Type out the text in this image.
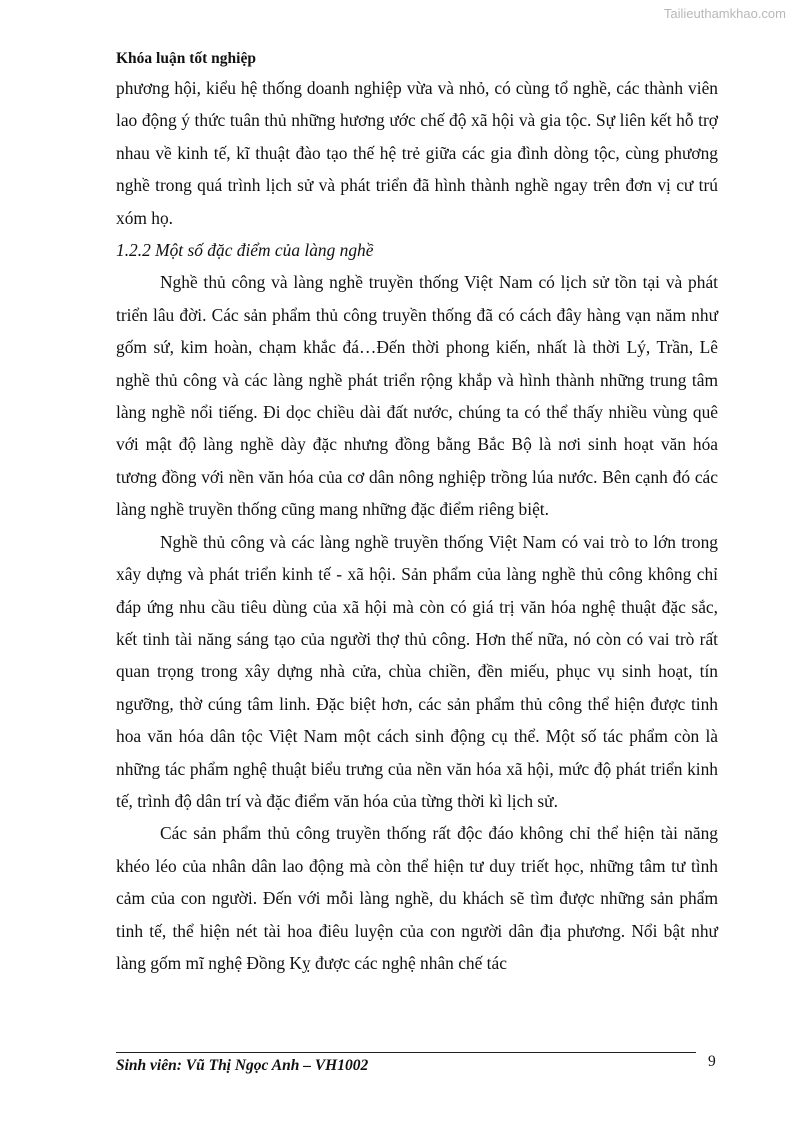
Tailieuthamkhao.com
Khóa luận tốt nghiệp

phương hội, kiểu hệ thống doanh nghiệp vừa và nhỏ, có cùng tổ nghề, các thành viên lao động ý thức tuân thủ những hương ước chế độ xã hội và gia tộc. Sự liên kết hỗ trợ nhau về kinh tế, kĩ thuật đào tạo thế hệ trẻ giữa các gia đình dòng tộc, cùng phương nghề trong quá trình lịch sử và phát triển đã hình thành nghề ngay trên đơn vị cư trú xóm họ.

1.2.2 Một số đặc điểm của làng nghề

Nghề thủ công và làng nghề truyền thống Việt Nam có lịch sử tồn tại và phát triển lâu đời. Các sản phẩm thủ công truyền thống đã có cách đây hàng vạn năm như gốm sứ, kim hoàn, chạm khắc đá…Đến thời phong kiến, nhất là thời Lý, Trần, Lê nghề thủ công và các làng nghề phát triển rộng khắp và hình thành những trung tâm làng nghề nổi tiếng. Đi dọc chiều dài đất nước, chúng ta có thể thấy nhiều vùng quê với mật độ làng nghề dày đặc nhưng đồng bằng Bắc Bộ là nơi sinh hoạt văn hóa tương đồng với nền văn hóa của cơ dân nông nghiệp trồng lúa nước. Bên cạnh đó các làng nghề truyền thống cũng mang những đặc điểm riêng biệt.

Nghề thủ công và các làng nghề truyền thống Việt Nam có vai trò to lớn trong xây dựng và phát triển kinh tế - xã hội. Sản phẩm của làng nghề thủ công không chỉ đáp ứng nhu cầu tiêu dùng của xã hội mà còn có giá trị văn hóa nghệ thuật đặc sắc, kết tinh tài năng sáng tạo của người thợ thủ công. Hơn thế nữa, nó còn có vai trò rất quan trọng trong xây dựng nhà cửa, chùa chiền, đền miếu, phục vụ sinh hoạt, tín ngưỡng, thờ cúng tâm linh. Đặc biệt hơn, các sản phẩm thủ công thể hiện được tinh hoa văn hóa dân tộc Việt Nam một cách sinh động cụ thể. Một số tác phẩm còn là những tác phẩm nghệ thuật biểu trưng của nền văn hóa xã hội, mức độ phát triển kinh tế, trình độ dân trí và đặc điểm văn hóa của từng thời kì lịch sử.

Các sản phẩm thủ công truyền thống rất độc đáo không chỉ thể hiện tài năng khéo léo của nhân dân lao động mà còn thể hiện tư duy triết học, những tâm tư tình cảm của con người. Đến với mỗi làng nghề, du khách sẽ tìm được những sản phẩm tinh tế, thể hiện nét tài hoa điêu luyện của con người dân địa phương. Nổi bật như làng gốm mĩ nghệ Đồng Kỵ được các nghệ nhân chế tác

Sinh viên: Vũ Thị Ngọc Anh – VH1002	9
